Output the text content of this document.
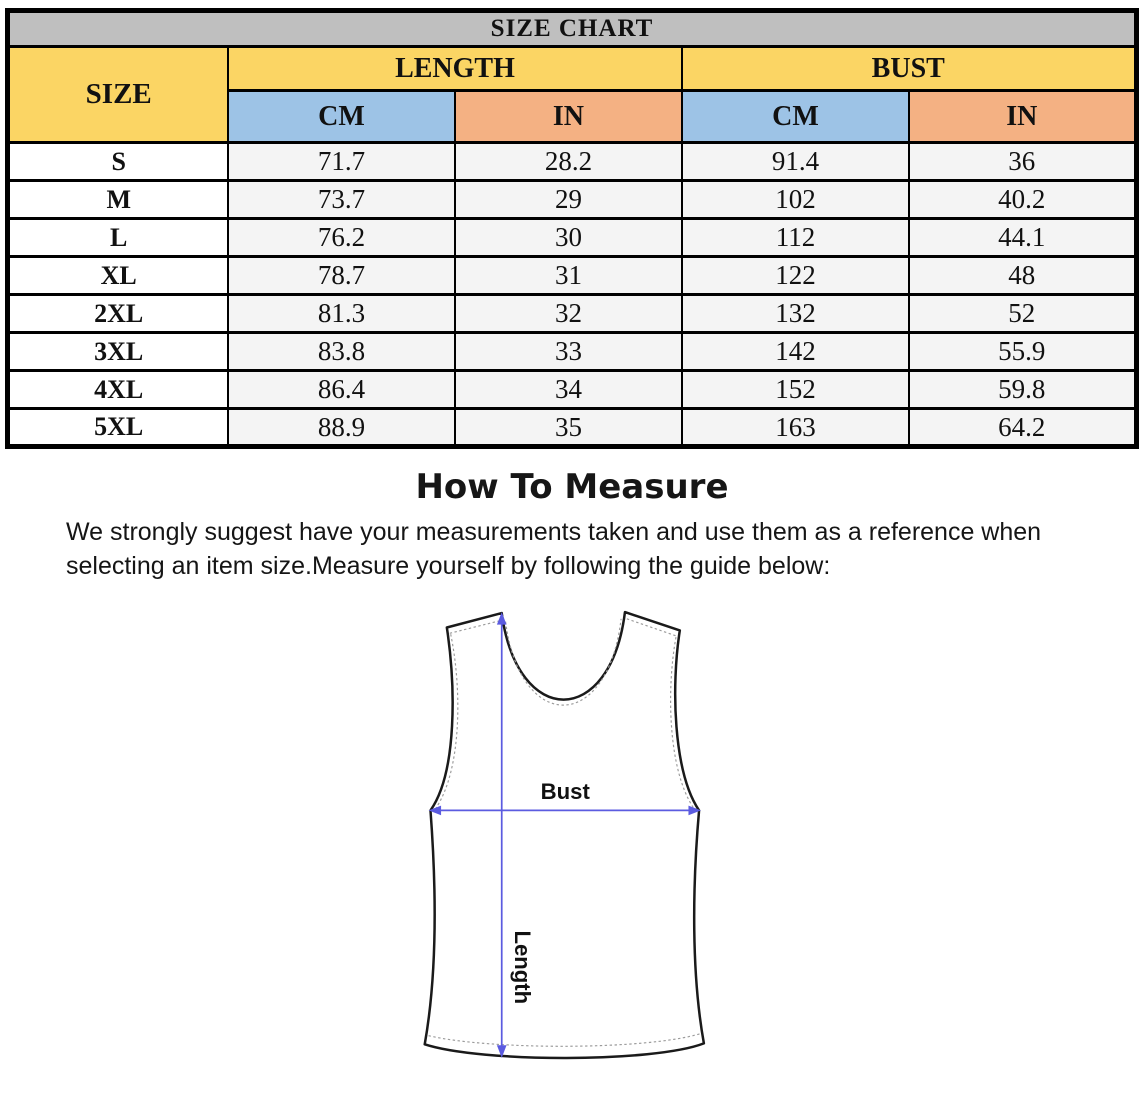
SIZE CHART				
SIZE	LENGTH		BUST	
	CM	IN	CM	IN
S	71.7	28.2	91.4	36
M	73.7	29	102	40.2
L	76.2	30	112	44.1
XL	78.7	31	122	48
2XL	81.3	32	132	52
3XL	83.8	33	142	55.9
4XL	86.4	34	152	59.8
5XL	88.9	35	163	64.2
How To Measure

We strongly suggest have your measurements taken and use them as a reference when
selecting an item size.Measure yourself by following the guide below:

Bust
Length
